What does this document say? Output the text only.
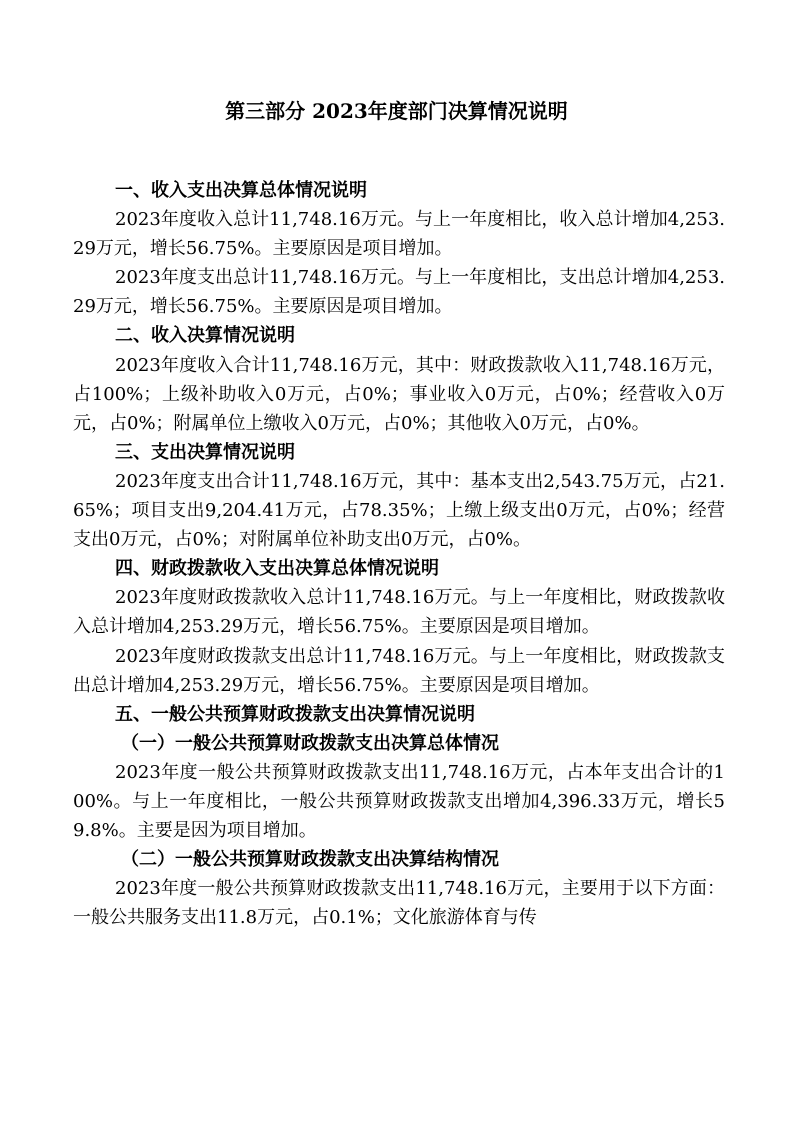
第三部分 2023年度部门决算情况说明

一、收入支出决算总体情况说明

2023年度收入总计11,748.16万元。与上一年度相比，收入总计增加4,253.29万元，增长56.75%。主要原因是项目增加。

2023年度支出总计11,748.16万元。与上一年度相比，支出总计增加4,253.29万元，增长56.75%。主要原因是项目增加。

二、收入决算情况说明

2023年度收入合计11,748.16万元，其中：财政拨款收入11,748.16万元，占100%；上级补助收入0万元，占0%；事业收入0万元，占0%；经营收入0万元，占0%；附属单位上缴收入0万元，占0%；其他收入0万元，占0%。

三、支出决算情况说明

2023年度支出合计11,748.16万元，其中：基本支出2,543.75万元，占21.65%；项目支出9,204.41万元，占78.35%；上缴上级支出0万元，占0%；经营支出0万元，占0%；对附属单位补助支出0万元，占0%。

四、财政拨款收入支出决算总体情况说明

2023年度财政拨款收入总计11,748.16万元。与上一年度相比，财政拨款收入总计增加4,253.29万元，增长56.75%。主要原因是项目增加。

2023年度财政拨款支出总计11,748.16万元。与上一年度相比，财政拨款支出总计增加4,253.29万元，增长56.75%。主要原因是项目增加。

五、一般公共预算财政拨款支出决算情况说明

（一）一般公共预算财政拨款支出决算总体情况

2023年度一般公共预算财政拨款支出11,748.16万元，占本年支出合计的100%。与上一年度相比，一般公共预算财政拨款支出增加4,396.33万元，增长59.8%。主要是因为项目增加。

（二）一般公共预算财政拨款支出决算结构情况

2023年度一般公共预算财政拨款支出11,748.16万元，主要用于以下方面：一般公共服务支出11.8万元，占0.1%；文化旅游体育与传
